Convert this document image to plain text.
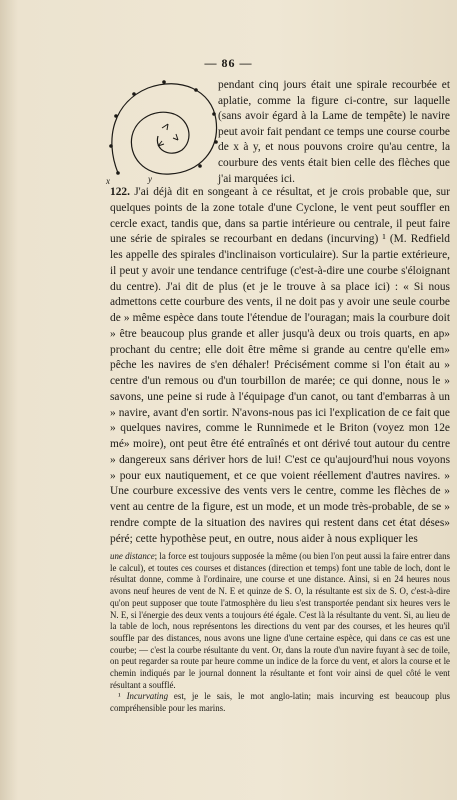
— 86 —
x	y
pendant cinq jours était une spirale recourbée et aplatie, comme la figure ci-contre, sur laquelle (sans avoir égard à la Lame de tempête) le navire peut avoir fait pendant ce temps une course courbe de x à y, et nous pouvons croire qu'au centre, la courbure des vents était bien celle des flèches que j'ai marquées ici.

122. J'ai déjà dit en songeant à ce résultat, et je crois probable que, sur quelques points de la zone totale d'une Cyclone, le vent peut souffler en cercle exact, tandis que, dans sa partie intérieure ou centrale, il peut faire une série de spirales se recourbant en dedans (incurving) ¹ (M. Redfield les appelle des spirales d'inclinaison vorticulaire). Sur la partie extérieure, il peut y avoir une tendance centrifuge (c'est-à-dire une courbe s'éloignant du centre). J'ai dit de plus (et je le trouve à sa place ici) : « Si nous admettons cette courbure des vents, il ne doit pas y avoir une seule courbe de » même espèce dans toute l'étendue de l'ouragan; mais la courbure doit » être beaucoup plus grande et aller jusqu'à deux ou trois quarts, en ap» prochant du centre; elle doit être même si grande au centre qu'elle em» pêche les navires de s'en déhaler! Précisément comme si l'on était au » centre d'un remous ou d'un tourbillon de marée; ce qui donne, nous le » savons, une peine si rude à l'équipage d'un canot, ou tant d'embarras à un » navire, avant d'en sortir. N'avons-nous pas ici l'explication de ce fait que » quelques navires, comme le Runnimede et le Briton (voyez mon 12e mé» moire), ont peut être été entraînés et ont dérivé tout autour du centre » dangereux sans dériver hors de lui! C'est ce qu'aujourd'hui nous voyons » pour eux nautiquement, et ce que voient réellement d'autres navires. » Une courbure excessive des vents vers le centre, comme les flèches de » vent au centre de la figure, est un mode, et un mode très-probable, de se » rendre compte de la situation des navires qui restent dans cet état déses» péré; cette hypothèse peut, en outre, nous aider à nous expliquer les

une distance; la force est toujours supposée la même (ou bien l'on peut aussi la faire entrer dans le calcul), et toutes ces courses et distances (direction et temps) font une table de loch, dont le résultat donne, comme à l'ordinaire, une course et une distance. Ainsi, si en 24 heures nous avons neuf heures de vent de N. E et quinze de S. O, la résultante est six de S. O, c'est-à-dire qu'on peut supposer que toute l'atmosphère du lieu s'est transportée pendant six heures vers le N. E, si l'énergie des deux vents a toujours été égale. C'est là la résultante du vent. Si, au lieu de la table de loch, nous représentons les directions du vent par des courses, et les heures qu'il souffle par des distances, nous avons une ligne d'une certaine espèce, qui dans ce cas est une courbe; — c'est la courbe résultante du vent. Or, dans la route d'un navire fuyant à sec de toile, on peut regarder sa route par heure comme un indice de la force du vent, et alors la course et le chemin indiqués par le journal donnent la résultante et font voir ainsi de quel côté le vent résultant a soufflé.

¹ Incurvating est, je le sais, le mot anglo-latin; mais incurving est beaucoup plus compréhensible pour les marins.
